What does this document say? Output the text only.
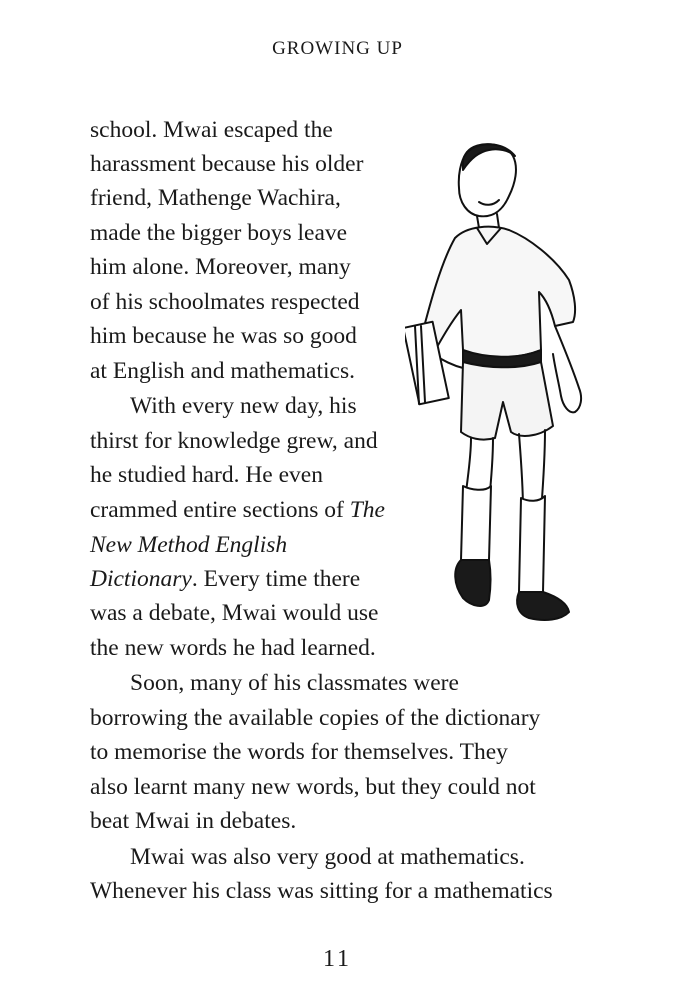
GROWING UP
school. Mwai escaped the
harassment because his older
friend, Mathenge Wachira,
made the bigger boys leave
him alone. Moreover, many
of his schoolmates respected
him because he was so good
at English and mathematics.
With every new day, his
thirst for knowledge grew, and
he studied hard. He even
crammed entire sections of The
New Method English
Dictionary. Every time there
was a debate, Mwai would use
the new words he had learned.
Soon, many of his classmates were
borrowing the available copies of the dictionary
to memorise the words for themselves. They
also learnt many new words, but they could not
beat Mwai in debates.
Mwai was also very good at mathematics.
Whenever his class was sitting for a mathematics
11
